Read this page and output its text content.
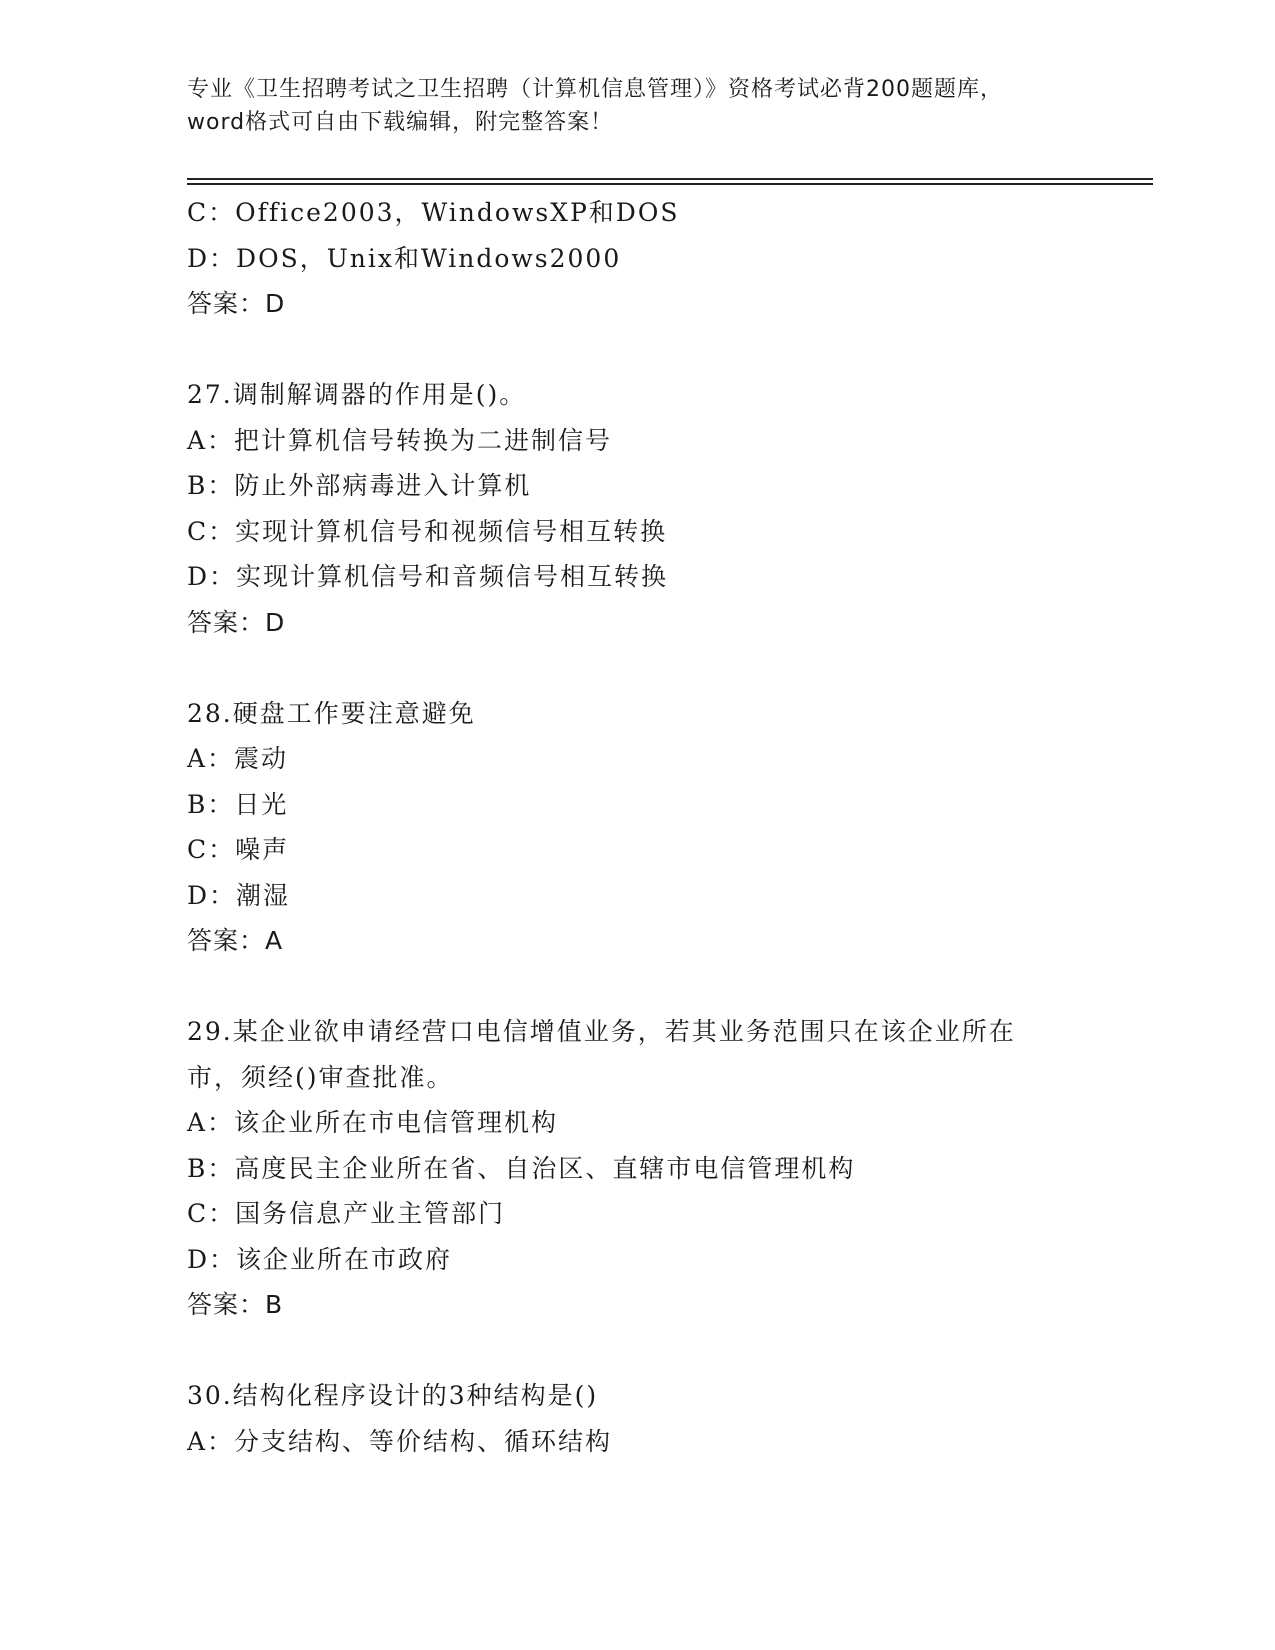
专业《卫生招聘考试之卫生招聘（计算机信息管理）》资格考试必背200题题库，
word格式可自由下载编辑，附完整答案！
C：Office2003，WindowsXP和DOS
D：DOS，Unix和Windows2000
答案：D
27.调制解调器的作用是()。
A：把计算机信号转换为二进制信号
B：防止外部病毒进入计算机
C：实现计算机信号和视频信号相互转换
D：实现计算机信号和音频信号相互转换
答案：D
28.硬盘工作要注意避免
A：震动
B：日光
C：噪声
D：潮湿
答案：A
29.某企业欲申请经营口电信增值业务，若其业务范围只在该企业所在
市，须经()审查批准。
A：该企业所在市电信管理机构
B：高度民主企业所在省、自治区、直辖市电信管理机构
C：国务信息产业主管部门
D：该企业所在市政府
答案：B
30.结构化程序设计的3种结构是()
A：分支结构、等价结构、循环结构
